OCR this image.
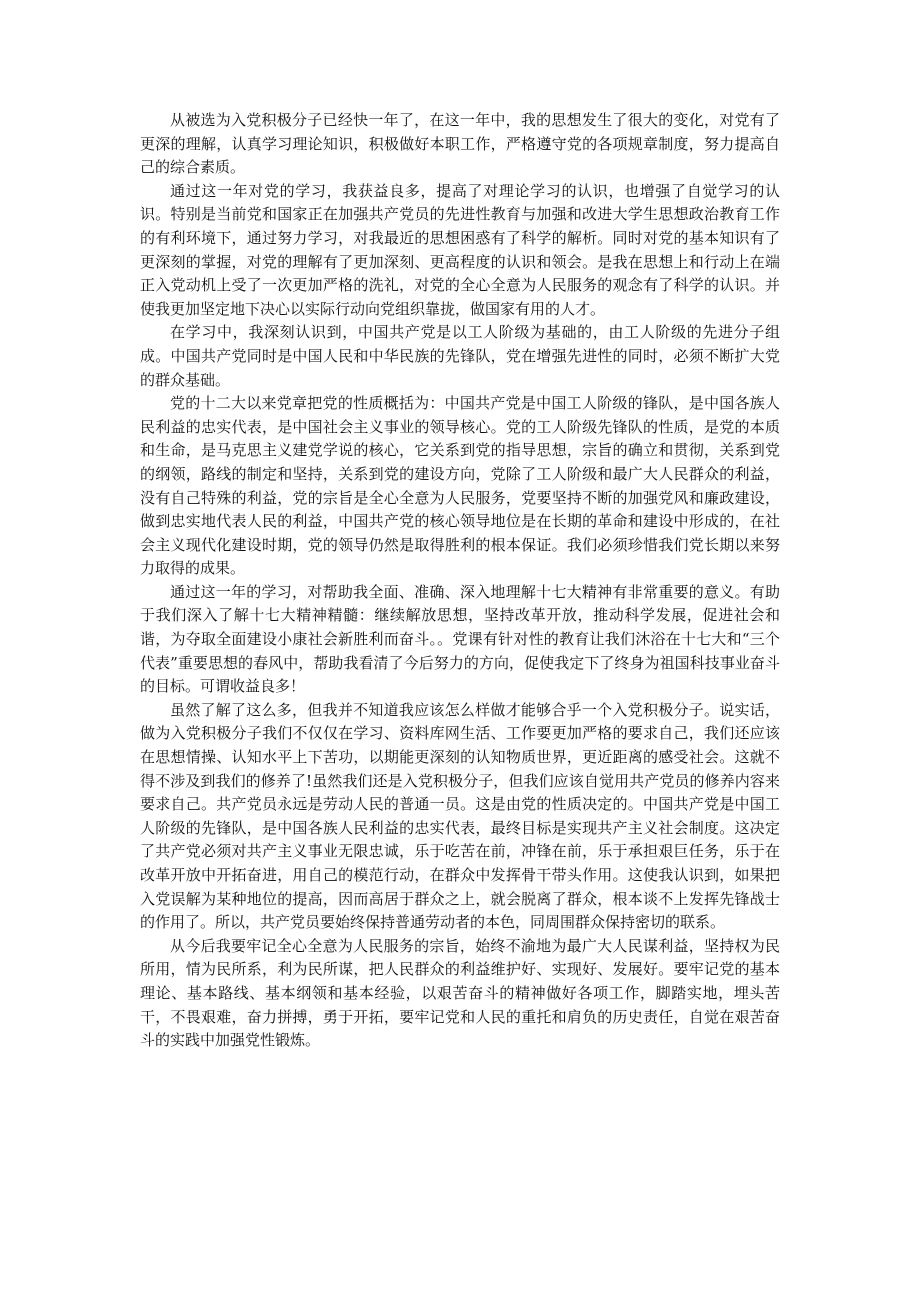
从被选为入党积极分子已经快一年了，在这一年中，我的思想发生了很大的变化，对党有了更深的理解，认真学习理论知识，积极做好本职工作，严格遵守党的各项规章制度，努力提高自己的综合素质。

通过这一年对党的学习，我获益良多，提高了对理论学习的认识，也增强了自觉学习的认识。特别是当前党和国家正在加强共产党员的先进性教育与加强和改进大学生思想政治教育工作的有利环境下，通过努力学习，对我最近的思想困惑有了科学的解析。同时对党的基本知识有了更深刻的掌握，对党的理解有了更加深刻、更高程度的认识和领会。是我在思想上和行动上在端正入党动机上受了一次更加严格的洗礼，对党的全心全意为人民服务的观念有了科学的认识。并使我更加坚定地下决心以实际行动向党组织靠拢，做国家有用的人才。

在学习中，我深刻认识到，中国共产党是以工人阶级为基础的，由工人阶级的先进分子组成。中国共产党同时是中国人民和中华民族的先锋队，党在增强先进性的同时，必须不断扩大党的群众基础。

党的十二大以来党章把党的性质概括为：中国共产党是中国工人阶级的锋队，是中国各族人民利益的忠实代表，是中国社会主义事业的领导核心。党的工人阶级先锋队的性质，是党的本质和生命，是马克思主义建党学说的核心，它关系到党的指导思想，宗旨的确立和贯彻，关系到党的纲领，路线的制定和坚持，关系到党的建设方向，党除了工人阶级和最广大人民群众的利益，没有自己特殊的利益，党的宗旨是全心全意为人民服务，党要坚持不断的加强党风和廉政建设，做到忠实地代表人民的利益，中国共产党的核心领导地位是在长期的革命和建设中形成的，在社会主义现代化建设时期，党的领导仍然是取得胜利的根本保证。我们必须珍惜我们党长期以来努力取得的成果。

通过这一年的学习，对帮助我全面、准确、深入地理解十七大精神有非常重要的意义。有助于我们深入了解十七大精神精髓：继续解放思想，坚持改革开放，推动科学发展，促进社会和谐，为夺取全面建设小康社会新胜利而奋斗。。党课有针对性的教育让我们沐浴在十七大和“三个代表”重要思想的春风中，帮助我看清了今后努力的方向，促使我定下了终身为祖国科技事业奋斗的目标。可谓收益良多！

虽然了解了这么多，但我并不知道我应该怎么样做才能够合乎一个入党积极分子。说实话，做为入党积极分子我们不仅仅在学习、资料库网生活、工作要更加严格的要求自己，我们还应该在思想情操、认知水平上下苦功，以期能更深刻的认知物质世界，更近距离的感受社会。这就不得不涉及到我们的修养了!虽然我们还是入党积极分子，但我们应该自觉用共产党员的修养内容来要求自己。共产党员永远是劳动人民的普通一员。这是由党的性质决定的。中国共产党是中国工人阶级的先锋队，是中国各族人民利益的忠实代表，最终目标是实现共产主义社会制度。这决定了共产党必须对共产主义事业无限忠诚，乐于吃苦在前，冲锋在前，乐于承担艰巨任务，乐于在改革开放中开拓奋进，用自己的模范行动，在群众中发挥骨干带头作用。这使我认识到，如果把入党误解为某种地位的提高，因而高居于群众之上，就会脱离了群众，根本谈不上发挥先锋战士的作用了。所以，共产党员要始终保持普通劳动者的本色，同周围群众保持密切的联系。

从今后我要牢记全心全意为人民服务的宗旨，始终不渝地为最广大人民谋利益，坚持权为民所用，情为民所系，利为民所谋，把人民群众的利益维护好、实现好、发展好。要牢记党的基本理论、基本路线、基本纲领和基本经验，以艰苦奋斗的精神做好各项工作，脚踏实地，埋头苦干，不畏艰难，奋力拼搏，勇于开拓，要牢记党和人民的重托和肩负的历史责任，自觉在艰苦奋斗的实践中加强党性锻炼。
